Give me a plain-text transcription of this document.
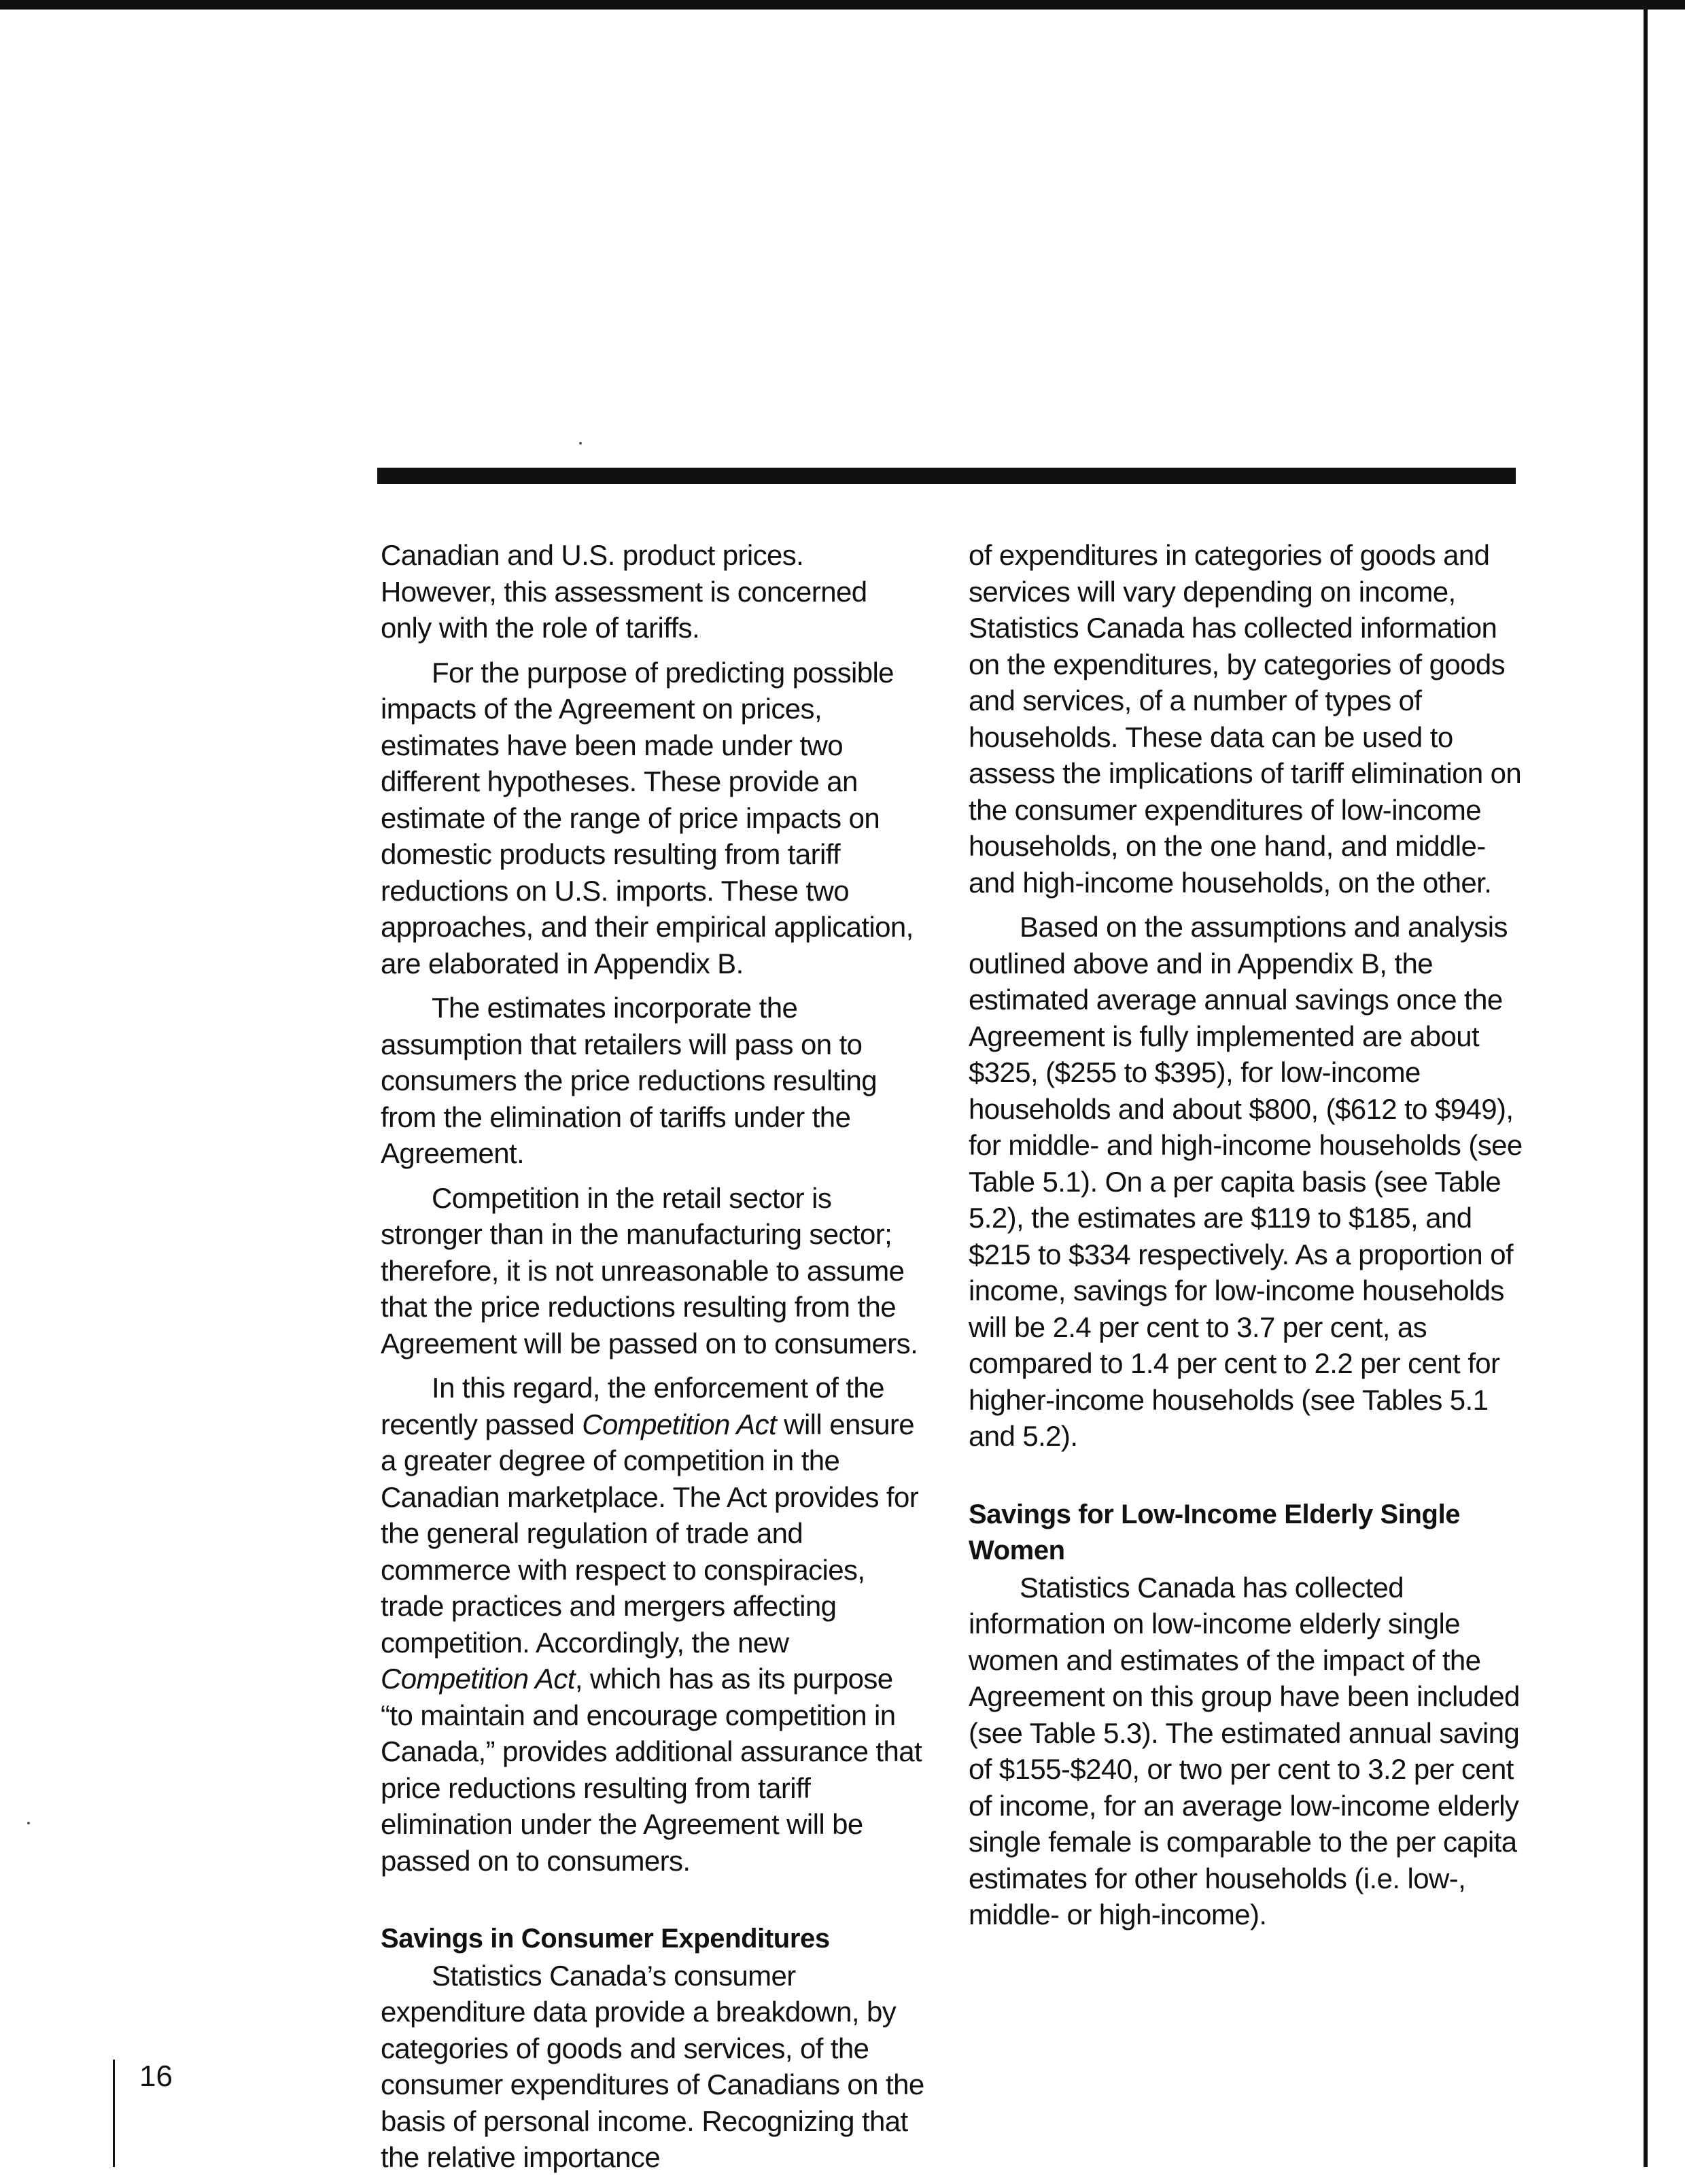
Canadian and U.S. product prices. However, this assessment is concerned only with the role of tariffs.

For the purpose of predicting possible impacts of the Agreement on prices, estimates have been made under two different hypotheses. These provide an estimate of the range of price impacts on domestic products resulting from tariff reductions on U.S. imports. These two approaches, and their empirical application, are elaborated in Appendix B.

The estimates incorporate the assumption that retailers will pass on to consumers the price reductions resulting from the elimination of tariffs under the Agreement.

Competition in the retail sector is stronger than in the manufacturing sector; therefore, it is not unreasonable to assume that the price reductions resulting from the Agreement will be passed on to consumers.

In this regard, the enforcement of the recently passed Competition Act will ensure a greater degree of competition in the Canadian marketplace. The Act provides for the general regulation of trade and commerce with respect to conspiracies, trade practices and mergers affecting competition. Accordingly, the new Competition Act, which has as its purpose “to maintain and encourage competition in Canada,” provides additional assurance that price reductions resulting from tariff elimination under the Agreement will be passed on to consumers.

Savings in Consumer Expenditures

Statistics Canada’s consumer expenditure data provide a breakdown, by categories of goods and services, of the consumer expenditures of Canadians on the basis of personal income. Recognizing that the relative importance

of expenditures in categories of goods and services will vary depending on income, Statistics Canada has collected information on the expenditures, by categories of goods and services, of a number of types of households. These data can be used to assess the implications of tariff elimination on the consumer expenditures of low-income households, on the one hand, and middle- and high-income households, on the other.

Based on the assumptions and analysis outlined above and in Appendix B, the estimated average annual savings once the Agreement is fully implemented are about $325, ($255 to $395), for low-income households and about $800, ($612 to $949), for middle- and high-income households (see Table 5.1). On a per capita basis (see Table 5.2), the estimates are $119 to $185, and $215 to $334 respectively. As a proportion of income, savings for low-income households will be 2.4 per cent to 3.7 per cent, as compared to 1.4 per cent to 2.2 per cent for higher-income households (see Tables 5.1 and 5.2).

Savings for Low-Income Elderly Single Women

Statistics Canada has collected information on low-income elderly single women and estimates of the impact of the Agreement on this group have been included (see Table 5.3). The estimated annual saving of $155-$240, or two per cent to 3.2 per cent of income, for an average low-income elderly single female is comparable to the per capita estimates for other households (i.e. low-, middle- or high-income).

16
